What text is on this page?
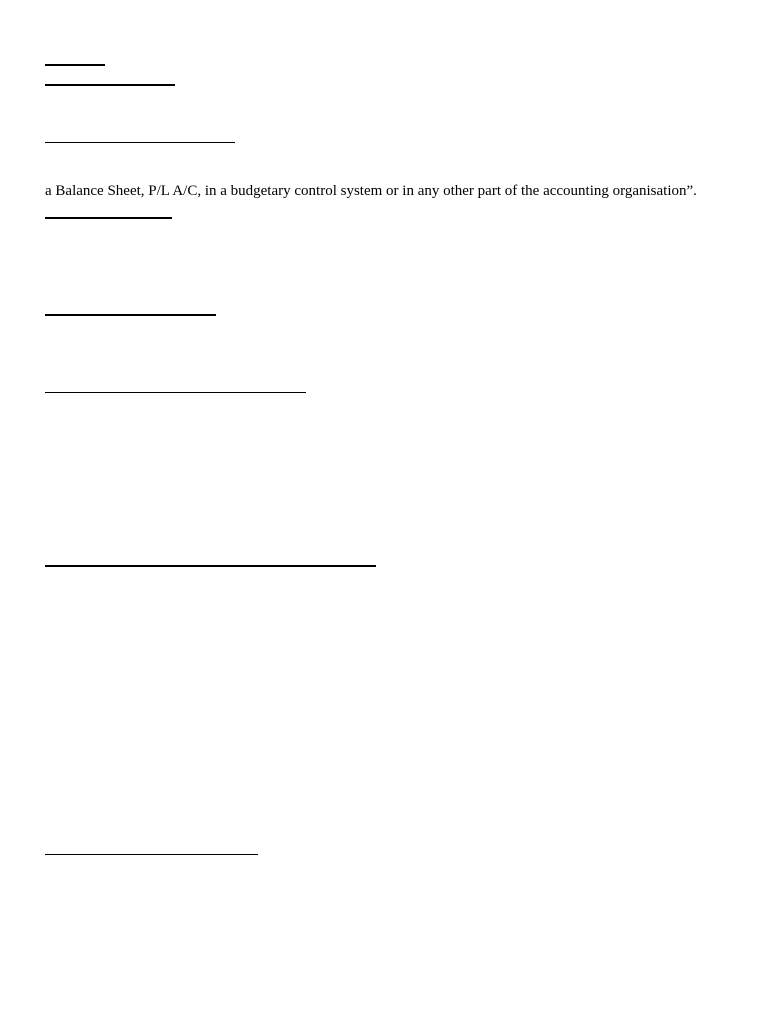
a Balance Sheet, P/L A/C, in a budgetary control system or in any other part of the accounting organisation”.
